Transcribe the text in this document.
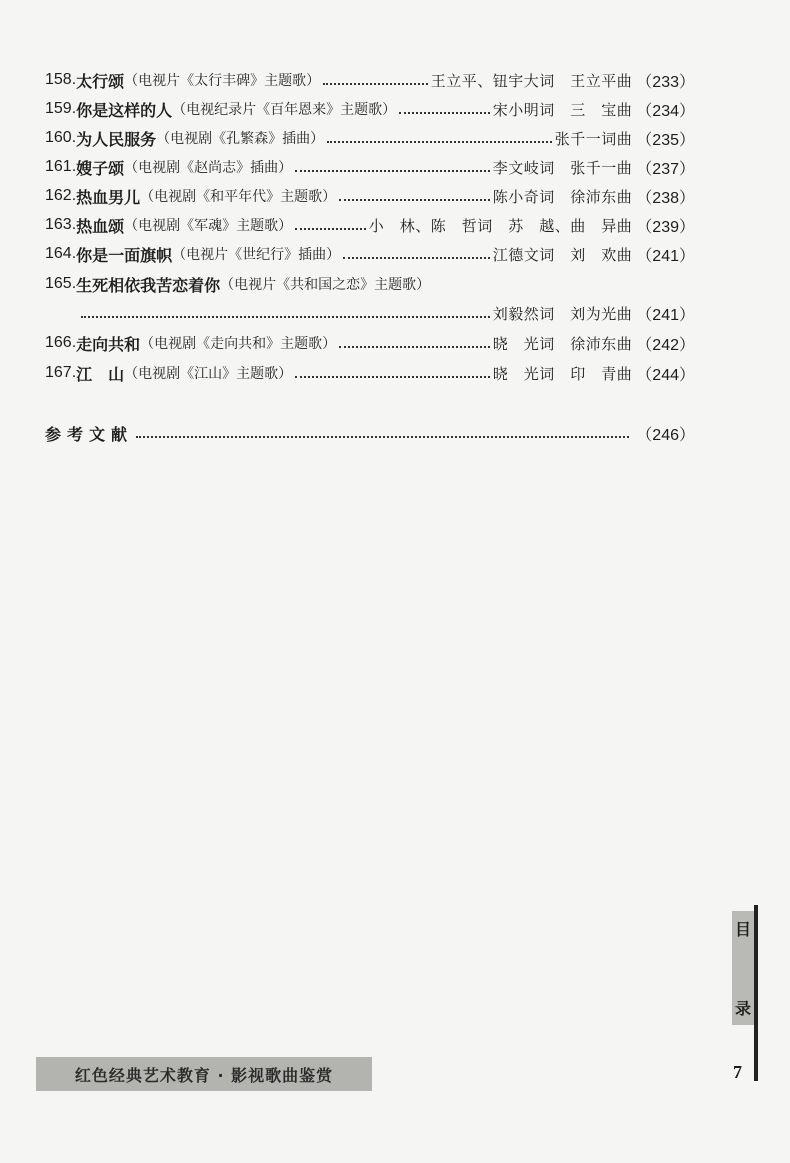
158. 太行颂 （电视片《太行丰碑》主题歌）	王立平、钮宇大词　王立平曲 （233）
159. 你是这样的人 （电视纪录片《百年恩来》主题歌）	宋小明词　三　宝曲 （234）
160. 为人民服务 （电视剧《孔繁森》插曲）	张千一词曲 （235）
161. 嫂子颂 （电视剧《赵尚志》插曲）	李文岐词　张千一曲 （237）
162. 热血男儿 （电视剧《和平年代》主题歌）	陈小奇词　徐沛东曲 （238）
163. 热血颂 （电视剧《军魂》主题歌）	小　林、陈　哲词　苏　越、曲　异曲 （239）
164. 你是一面旗帜 （电视片《世纪行》插曲）	江德文词　刘　欢曲 （241）
165. 生死相依我苦恋着你 （电视片《共和国之恋》主题歌）
刘毅然词　刘为光曲 （241）
166. 走向共和 （电视剧《走向共和》主题歌）	晓　光词　徐沛东曲 （242）
167. 江　山 （电视剧《江山》主题歌）	晓　光词　印　青曲 （244）
参考文献	（246）
目
录
7
红色经典艺术教育 · 影视歌曲鉴赏
